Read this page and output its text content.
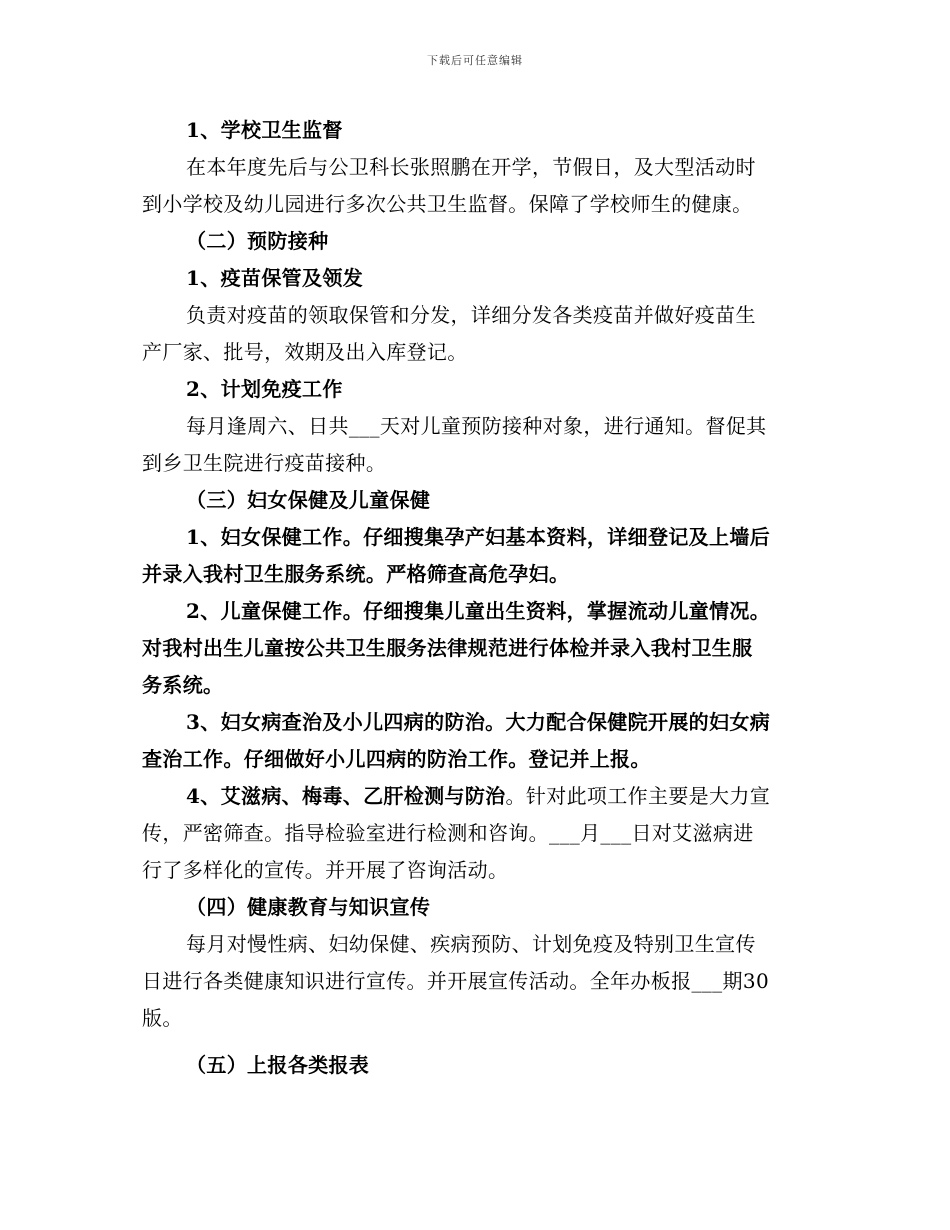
下载后可任意编辑
1、学校卫生监督
在本年度先后与公卫科长张照鹏在开学，节假日，及大型活动时
到小学校及幼儿园进行多次公共卫生监督。保障了学校师生的健康。
（二）预防接种
1、疫苗保管及领发
负责对疫苗的领取保管和分发，详细分发各类疫苗并做好疫苗生
产厂家、批号，效期及出入库登记。
2、计划免疫工作
每月逢周六、日共___天对儿童预防接种对象，进行通知。督促其
到乡卫生院进行疫苗接种。
（三）妇女保健及儿童保健
1、妇女保健工作。仔细搜集孕产妇基本资料，详细登记及上墙后
并录入我村卫生服务系统。严格筛查高危孕妇。
2、儿童保健工作。仔细搜集儿童出生资料，掌握流动儿童情况。
对我村出生儿童按公共卫生服务法律规范进行体检并录入我村卫生服
务系统。
3、妇女病查治及小儿四病的防治。大力配合保健院开展的妇女病
查治工作。仔细做好小儿四病的防治工作。登记并上报。
4、艾滋病、梅毒、乙肝检测与防治。针对此项工作主要是大力宣
传，严密筛查。指导检验室进行检测和咨询。___月___日对艾滋病进
行了多样化的宣传。并开展了咨询活动。
（四）健康教育与知识宣传
每月对慢性病、妇幼保健、疾病预防、计划免疫及特别卫生宣传
日进行各类健康知识进行宣传。并开展宣传活动。全年办板报___期30
版。
（五）上报各类报表
